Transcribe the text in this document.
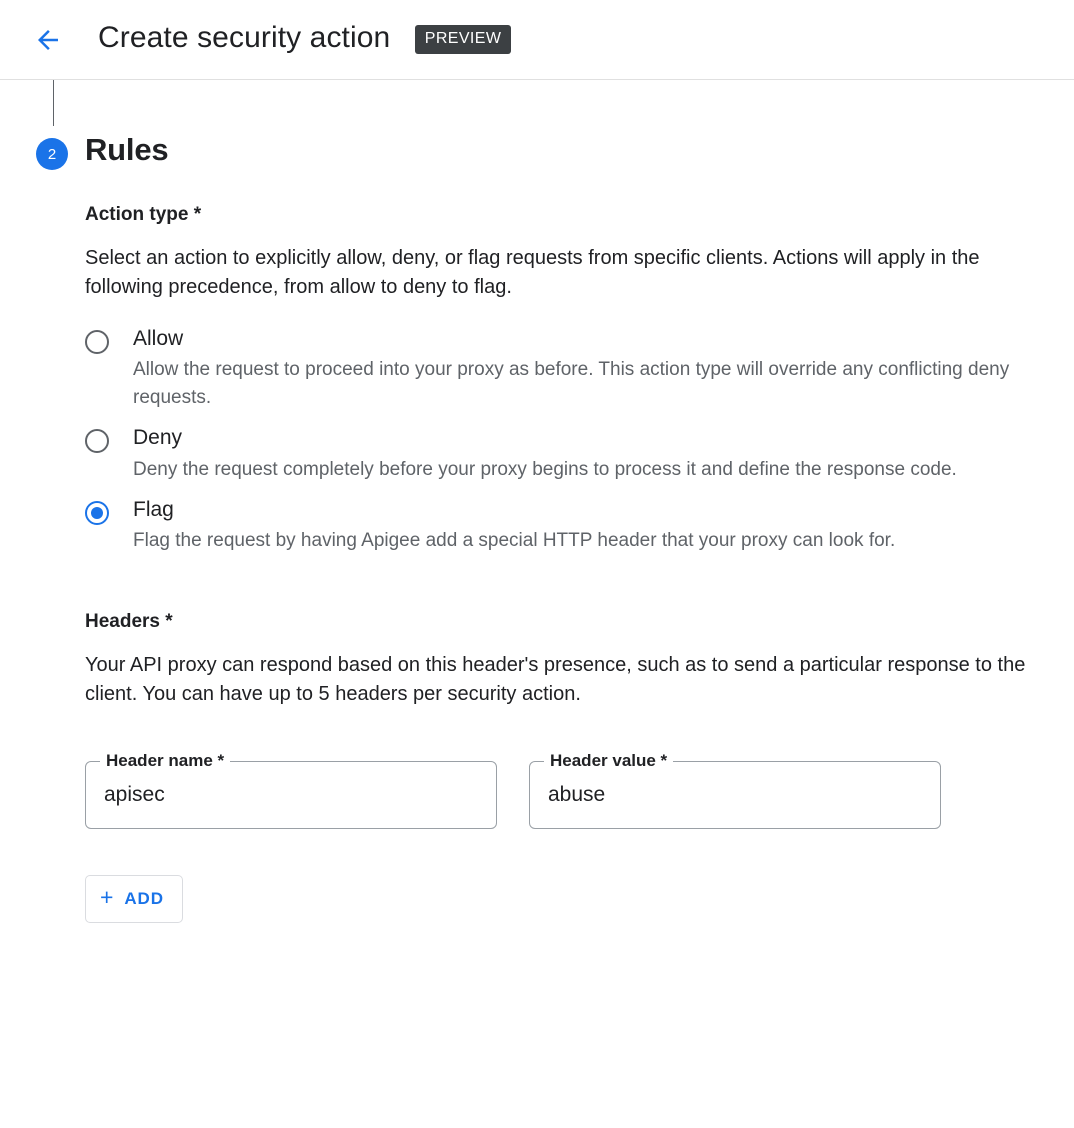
Create security action PREVIEW
2 Rules
Action type *
Select an action to explicitly allow, deny, or flag requests from specific clients. Actions will apply in the following precedence, from allow to deny to flag.
Allow
Allow the request to proceed into your proxy as before. This action type will override any conflicting deny requests.
Deny
Deny the request completely before your proxy begins to process it and define the response code.
Flag
Flag the request by having Apigee add a special HTTP header that your proxy can look for.
Headers *
Your API proxy can respond based on this header's presence, such as to send a particular response to the client. You can have up to 5 headers per security action.
Header name *
apisec	Header value *
abuse
+ ADD
